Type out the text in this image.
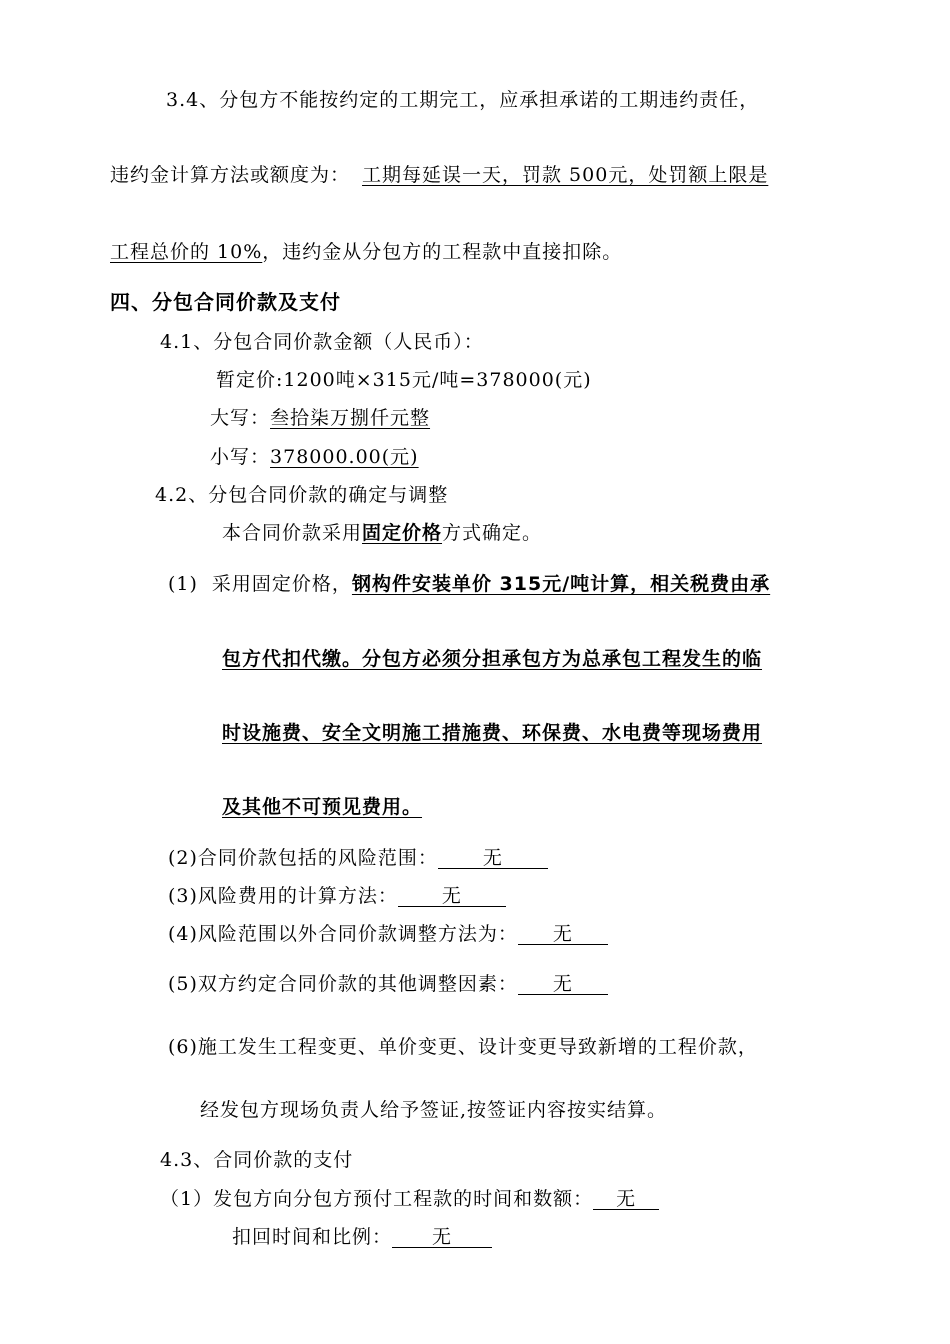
3.4、分包方不能按约定的工期完工，应承担承诺的工期违约责任，
违约金计算方法或额度为： 工期每延误一天，罚款 500元，处罚额上限是
工程总价的 10%，违约金从分包方的工程款中直接扣除。
四、分包合同价款及支付
4.1、分包合同价款金额（人民币）：
暂定价:1200吨×315元/吨=378000(元)
大写：叁拾柒万捌仟元整
小写：378000.00(元)
4.2、分包合同价款的确定与调整
本合同价款采用固定价格方式确定。
(1) 采用固定价格，钢构件安装单价 315元/吨计算，相关税费由承
包方代扣代缴。分包方必须分担承包方为总承包工程发生的临
时设施费、安全文明施工措施费、环保费、水电费等现场费用
及其他不可预见费用。
(2)合同价款包括的风险范围： 无
(3)风险费用的计算方法： 无
(4)风险范围以外合同价款调整方法为： 无
(5)双方约定合同价款的其他调整因素： 无
(6)施工发生工程变更、单价变更、设计变更导致新增的工程价款，
经发包方现场负责人给予签证,按签证内容按实结算。
4.3、合同价款的支付
（1）发包方向分包方预付工程款的时间和数额： 无
扣回时间和比例： 无
